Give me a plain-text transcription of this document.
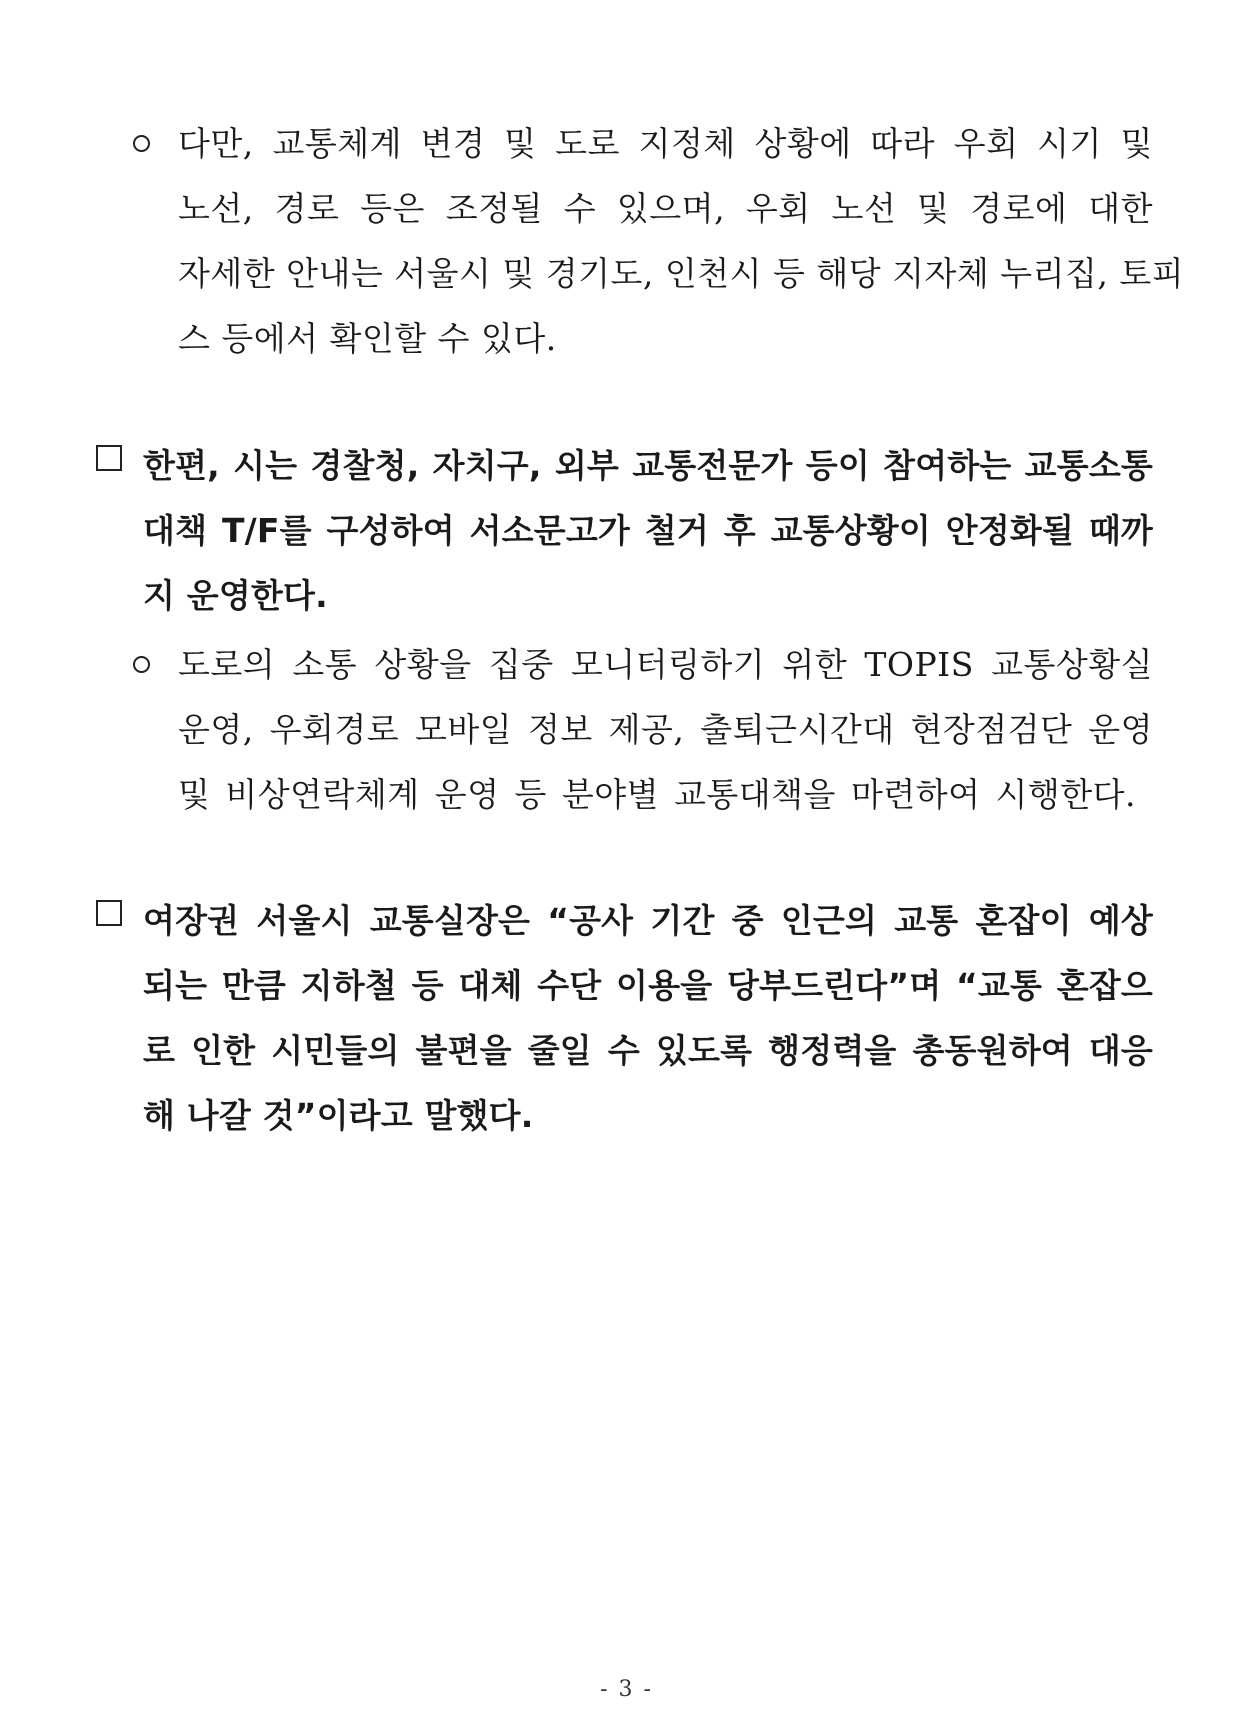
다만, 교통체계 변경 및 도로 지정체 상황에 따라 우회 시기 및
노선, 경로 등은 조정될 수 있으며, 우회 노선 및 경로에 대한
자세한 안내는 서울시 및 경기도, 인천시 등 해당 지자체 누리집, 토피
스 등에서 확인할 수 있다.
한편, 시는 경찰청, 자치구, 외부 교통전문가 등이 참여하는 교통소통
대책 T/F를 구성하여 서소문고가 철거 후 교통상황이 안정화될 때까
지 운영한다.
도로의 소통 상황을 집중 모니터링하기 위한 TOPIS 교통상황실
운영, 우회경로 모바일 정보 제공, 출퇴근시간대 현장점검단 운영
및 비상연락체계 운영 등 분야별 교통대책을 마련하여 시행한다.
여장권 서울시 교통실장은 “공사 기간 중 인근의 교통 혼잡이 예상
되는 만큼 지하철 등 대체 수단 이용을 당부드린다”며 “교통 혼잡으
로 인한 시민들의 불편을 줄일 수 있도록 행정력을 총동원하여 대응
해 나갈 것”이라고 말했다.
- 3 -
